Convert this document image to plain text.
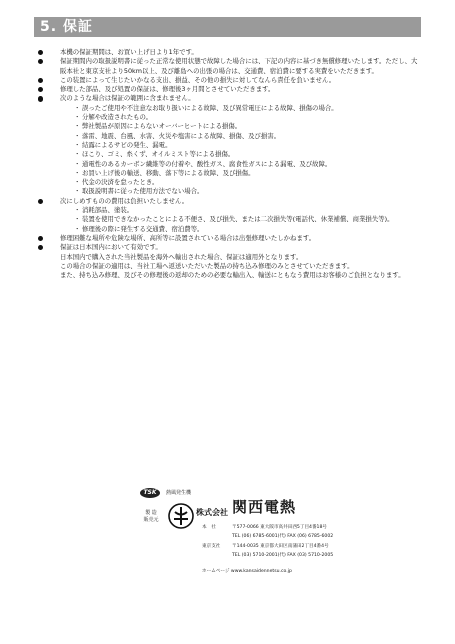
5. 保証
本機の保証期間は、お買い上げ日より1年です。
保証期間内の取扱説明書に従った正常な使用状態で故障した場合には、下記の内容に基づき無償修理いたします。ただし、大阪本社と東京支社より50km以上、及び離島への出張の場合は、交通費、宿泊費に要する実費をいただきます。
この装置によって生じたいかなる支出、損益、その他の損失に対してなんら責任を負いません。
修理した部品、及び処置の保証は、修理後3ヶ月間とさせていただきます。
次のような場合は保証の範囲に含まれません。
・ 誤ったご使用や不注意なお取り扱いによる故障、及び異常電圧による故障、損傷の場合。
・ 分解や改造されたもの。
・ 弊社製品が原因によらないオーバーヒートによる損傷。
・ 落雷、地震、台風、水害、火災や塩害による故障、損傷、及び損害。
・ 結露によるサビの発生、漏電。
・ ほこり、ゴミ、糸くず、オイルミスト等による損傷。
・ 通電性のあるカーボン繊維等の付着や、酸性ガス、腐食性ガスによる漏電、及び故障。
・ お買い上げ後の輸送、移動、落下等による故障、及び損傷。
・ 代金の決済を怠ったとき。
・ 取扱説明書に従った使用方法でない場合。
次にしめすものの費用は負担いたしません。
・ 消耗部品、塗装。
・ 装置を使用できなかったことによる不便さ、及び損失、または二次損失等(電話代、休業補償、商業損失等)。
・ 修理後の際に発生する交通費、宿泊費等。
修理困難な場所や危険な場所、高所等に設置されている場合は出張修理いたしかねます。
保証は日本国内において有効です。
日本国内で購入された当社製品を海外へ輸出された場合、保証は適用外となります。
この場合の保証の適用は、当社工場へ返送いただいた製品の持ち込み修理のみとさせていただきます。
また、持ち込み修理、及びその修理後の返却のための必要な輸出入、輸送にともなう費用はお客様のご負担となります。
TSK	熱風発生機
製 造
販売元
株式会社 関西電熱
本　社	〒577-0066 東大阪市高井田西5丁目4番18号
TEL (06) 6785-6001(代) FAX (06) 6785-6002
東京支社	〒144-0035 東京都大田区南蒲田2丁目4番4号
TEL (03) 5710-2001(代) FAX (03) 5710-2005
ホームページ www.kansaidennetsu.co.jp
